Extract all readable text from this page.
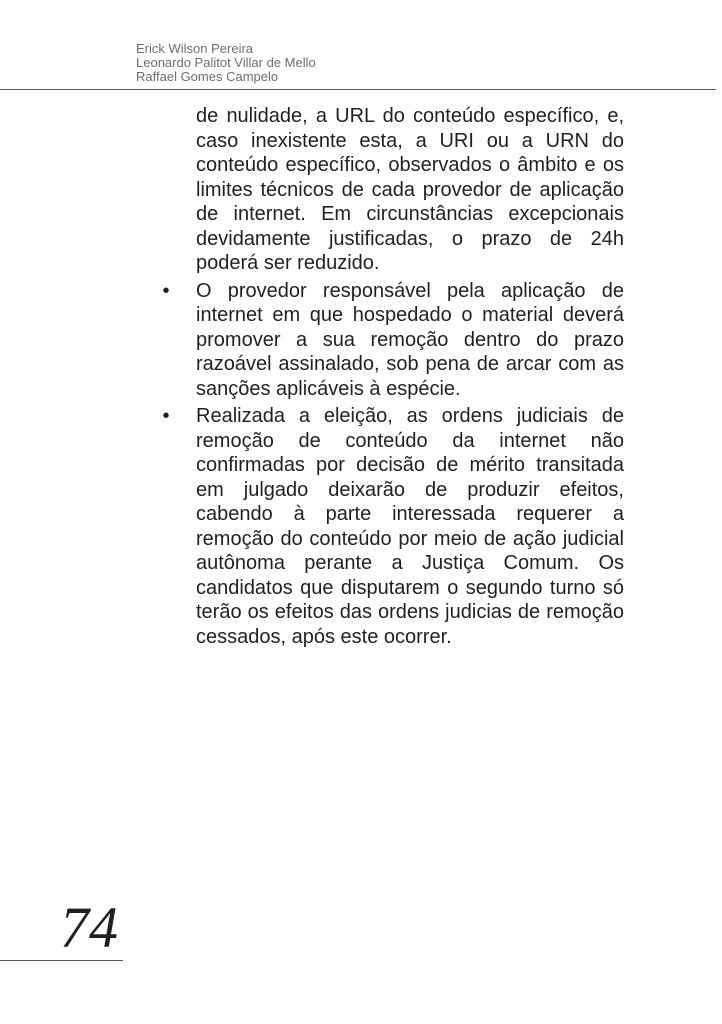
Erick Wilson Pereira
Leonardo Palitot Villar de Mello
Raffael Gomes Campelo

de nulidade, a URL do conteúdo específico, e, caso inexistente esta, a URI ou a URN do conteúdo específico, observados o âmbito e os limites técnicos de cada provedor de aplicação de internet. Em circunstâncias excepcionais devidamente justificadas, o prazo de 24h poderá ser reduzido.

• O provedor responsável pela aplicação de internet em que hospedado o material deverá promover a sua remoção dentro do prazo razoável assinalado, sob pena de arcar com as sanções aplicáveis à espécie.

• Realizada a eleição, as ordens judiciais de remoção de conteúdo da internet não confirmadas por decisão de mérito transitada em julgado deixarão de produzir efeitos, cabendo à parte interessada requerer a remoção do conteúdo por meio de ação judicial autônoma perante a Justiça Comum. Os candidatos que disputarem o segundo turno só terão os efeitos das ordens judicias de remoção cessados, após este ocorrer.

74
